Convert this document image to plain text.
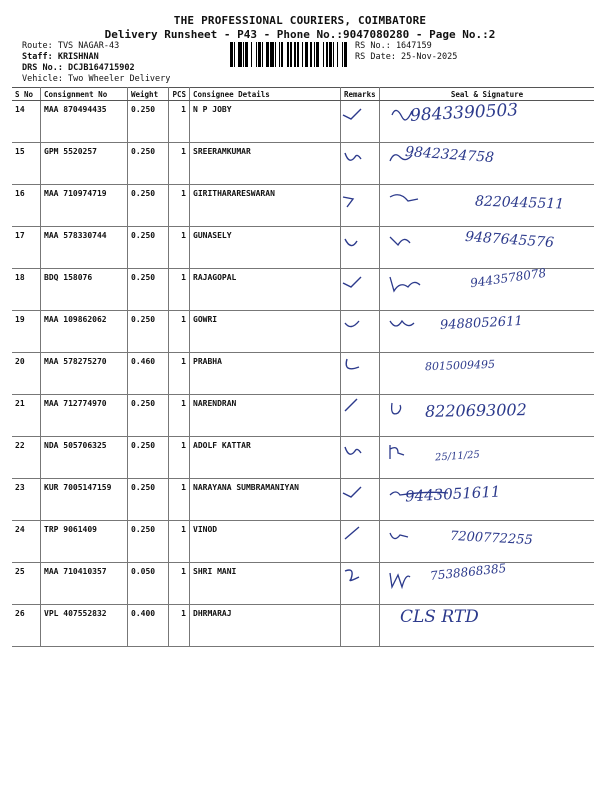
THE PROFESSIONAL COURIERS, COIMBATORE
Delivery Runsheet - P43 - Phone No.:9047080280 - Page No.:2
Route: TVS NAGAR-43
Staff: KRISHNAN
DRS No.: DCJB164715902
Vehicle: Two Wheeler Delivery
RS No.: 1647159
RS Date: 25-Nov-2025
S No	Consignment No	Weight	PCS	Consignee Details	Remarks	Seal & Signature
14	MAA 870494435	0.250	1	N P JOBY		9843390503

15	GPM 5520257	0.250	1	SREERAMKUMAR		9842324758

16	MAA 710974719	0.250	1	GIRITHARARESWARAN		8220445511

17	MAA 578330744	0.250	1	GUNASELY		9487645576

18	BDQ 158076	0.250	1	RAJAGOPAL		9443578078

19	MAA 109862062	0.250	1	GOWRI		9488052611

20	MAA 578275270	0.460	1	PRABHA		8015009495

21	MAA 712774970	0.250	1	NARENDRAN		8220693002

22	NDA 505706325	0.250	1	ADOLF KATTAR		25/11/25

23	KUR 7005147159	0.250	1	NARAYANA SUMBRAMANIYAN		9443051611

24	TRP 9061409	0.250	1	VINOD		7200772255

25	MAA 710410357	0.050	1	SHRI MANI		7538868385

26	VPL 407552832	0.400	1	DHRMARAJ		CLS RTD
